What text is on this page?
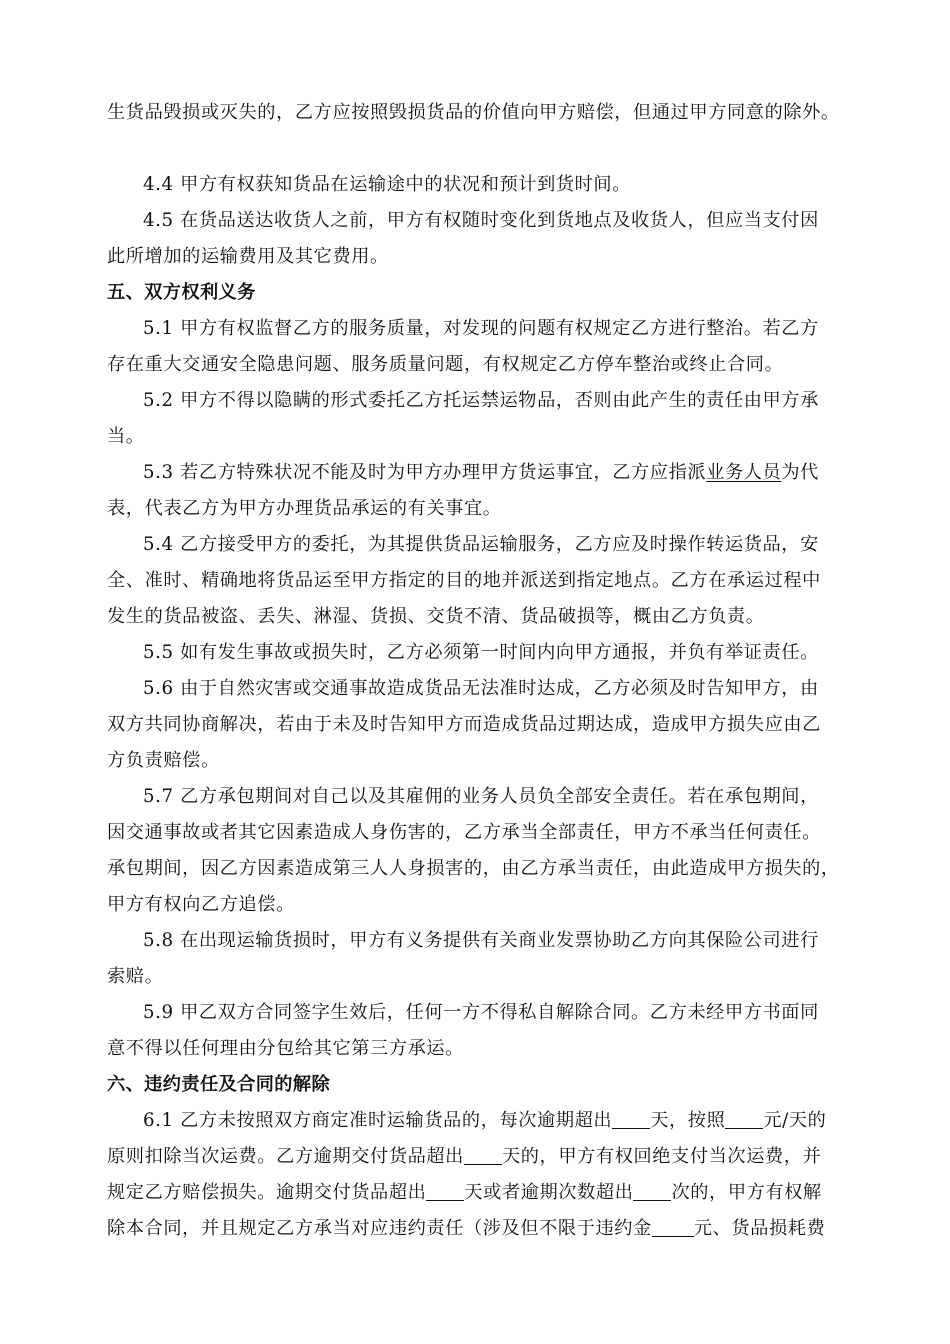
生货品毁损或灭失的，乙方应按照毁损货品的价值向甲方赔偿，但通过甲方同意的除外。
4.4 甲方有权获知货品在运输途中的状况和预计到货时间。
4.5 在货品送达收货人之前，甲方有权随时变化到货地点及收货人，但应当支付因
此所增加的运输费用及其它费用。
五、双方权利义务
5.1 甲方有权监督乙方的服务质量，对发现的问题有权规定乙方进行整治。若乙方
存在重大交通安全隐患问题、服务质量问题，有权规定乙方停车整治或终止合同。
5.2 甲方不得以隐瞒的形式委托乙方托运禁运物品，否则由此产生的责任由甲方承
当。
5.3 若乙方特殊状况不能及时为甲方办理甲方货运事宜，乙方应指派业务人员为代
表，代表乙方为甲方办理货品承运的有关事宜。
5.4 乙方接受甲方的委托，为其提供货品运输服务，乙方应及时操作转运货品，安
全、准时、精确地将货品运至甲方指定的目的地并派送到指定地点。乙方在承运过程中
发生的货品被盗、丢失、淋湿、货损、交货不清、货品破损等，概由乙方负责。
5.5 如有发生事故或损失时，乙方必须第一时间内向甲方通报，并负有举证责任。
5.6 由于自然灾害或交通事故造成货品无法准时达成，乙方必须及时告知甲方，由
双方共同协商解决，若由于未及时告知甲方而造成货品过期达成，造成甲方损失应由乙
方负责赔偿。
5.7 乙方承包期间对自己以及其雇佣的业务人员负全部安全责任。若在承包期间，
因交通事故或者其它因素造成人身伤害的，乙方承当全部责任，甲方不承当任何责任。
承包期间，因乙方因素造成第三人人身损害的，由乙方承当责任，由此造成甲方损失的，
甲方有权向乙方追偿。
5.8 在出现运输货损时，甲方有义务提供有关商业发票协助乙方向其保险公司进行
索赔。
5.9 甲乙双方合同签字生效后，任何一方不得私自解除合同。乙方未经甲方书面同
意不得以任何理由分包给其它第三方承运。
六、违约责任及合同的解除
6.1 乙方未按照双方商定准时运输货品的，每次逾期超出 天，按照 元/天的
原则扣除当次运费。乙方逾期交付货品超出 天的，甲方有权回绝支付当次运费，并
规定乙方赔偿损失。逾期交付货品超出 天或者逾期次数超出 次的，甲方有权解
除本合同，并且规定乙方承当对应违约责任（涉及但不限于违约金 元、货品损耗费
